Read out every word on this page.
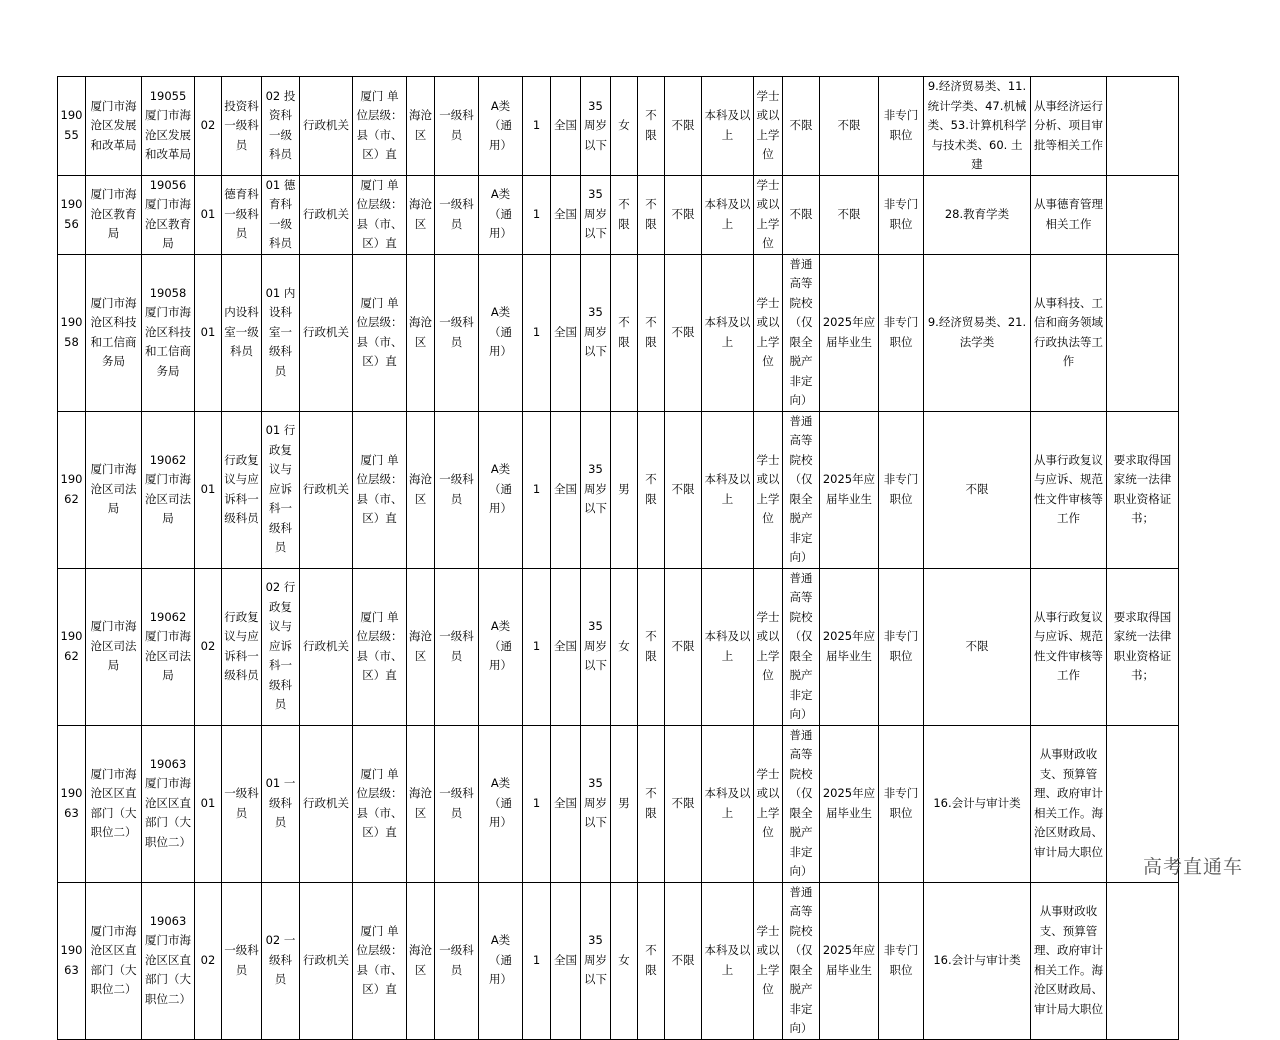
19055	厦门市海沧区发展和改革局	19055 厦门市海沧区发展和改革局	02	投资科一级科员	02 投资科一级科员	行政机关	厦门 单位层级：县（市、区）直	海沧区	一级科员	A类（通用）	1	全国	35周岁以下	女	不限	不限	本科及以上	学士或以上学位	不限	不限	非专门职位	9.经济贸易类、11.统计学类、47.机械类、53.计算机科学与技术类、60. 土建	从事经济运行分析、项目审批等相关工作	
19056	厦门市海沧区教育局	19056 厦门市海沧区教育局	01	德育科一级科员	01 德育科一级科员	行政机关	厦门 单位层级：县（市、区）直	海沧区	一级科员	A类（通用）	1	全国	35周岁以下	不限	不限	不限	本科及以上	学士或以上学位	不限	不限	非专门职位	28.教育学类	从事德育管理相关工作	
19058	厦门市海沧区科技和工信商务局	19058 厦门市海沧区科技和工信商务局	01	内设科室一级科员	01 内设科室一级科员	行政机关	厦门 单位层级：县（市、区）直	海沧区	一级科员	A类（通用）	1	全国	35周岁以下	不限	不限	不限	本科及以上	学士或以上学位	普通高等院校（仅限全脱产非定向）	2025年应届毕业生	非专门职位	9.经济贸易类、21.法学类	从事科技、工信和商务领域行政执法等工作	
19062	厦门市海沧区司法局	19062 厦门市海沧区司法局	01	行政复议与应诉科一级科员	01 行政复议与应诉科一级科员	行政机关	厦门 单位层级：县（市、区）直	海沧区	一级科员	A类（通用）	1	全国	35周岁以下	男	不限	不限	本科及以上	学士或以上学位	普通高等院校（仅限全脱产非定向）	2025年应届毕业生	非专门职位	不限	从事行政复议与应诉、规范性文件审核等工作	要求取得国家统一法律职业资格证书；
19062	厦门市海沧区司法局	19062 厦门市海沧区司法局	02	行政复议与应诉科一级科员	02 行政复议与应诉科一级科员	行政机关	厦门 单位层级：县（市、区）直	海沧区	一级科员	A类（通用）	1	全国	35周岁以下	女	不限	不限	本科及以上	学士或以上学位	普通高等院校（仅限全脱产非定向）	2025年应届毕业生	非专门职位	不限	从事行政复议与应诉、规范性文件审核等工作	要求取得国家统一法律职业资格证书；
19063	厦门市海沧区区直部门（大职位二）	19063 厦门市海沧区区直部门（大职位二）	01	一级科员	01 一级科员	行政机关	厦门 单位层级：县（市、区）直	海沧区	一级科员	A类（通用）	1	全国	35周岁以下	男	不限	不限	本科及以上	学士或以上学位	普通高等院校（仅限全脱产非定向）	2025年应届毕业生	非专门职位	16.会计与审计类	从事财政收支、预算管理、政府审计相关工作。海沧区财政局、审计局大职位	
19063	厦门市海沧区区直部门（大职位二）	19063 厦门市海沧区区直部门（大职位二）	02	一级科员	02 一级科员	行政机关	厦门 单位层级：县（市、区）直	海沧区	一级科员	A类（通用）	1	全国	35周岁以下	女	不限	不限	本科及以上	学士或以上学位	普通高等院校（仅限全脱产非定向）	2025年应届毕业生	非专门职位	16.会计与审计类	从事财政收支、预算管理、政府审计相关工作。海沧区财政局、审计局大职位	
高考直通车
